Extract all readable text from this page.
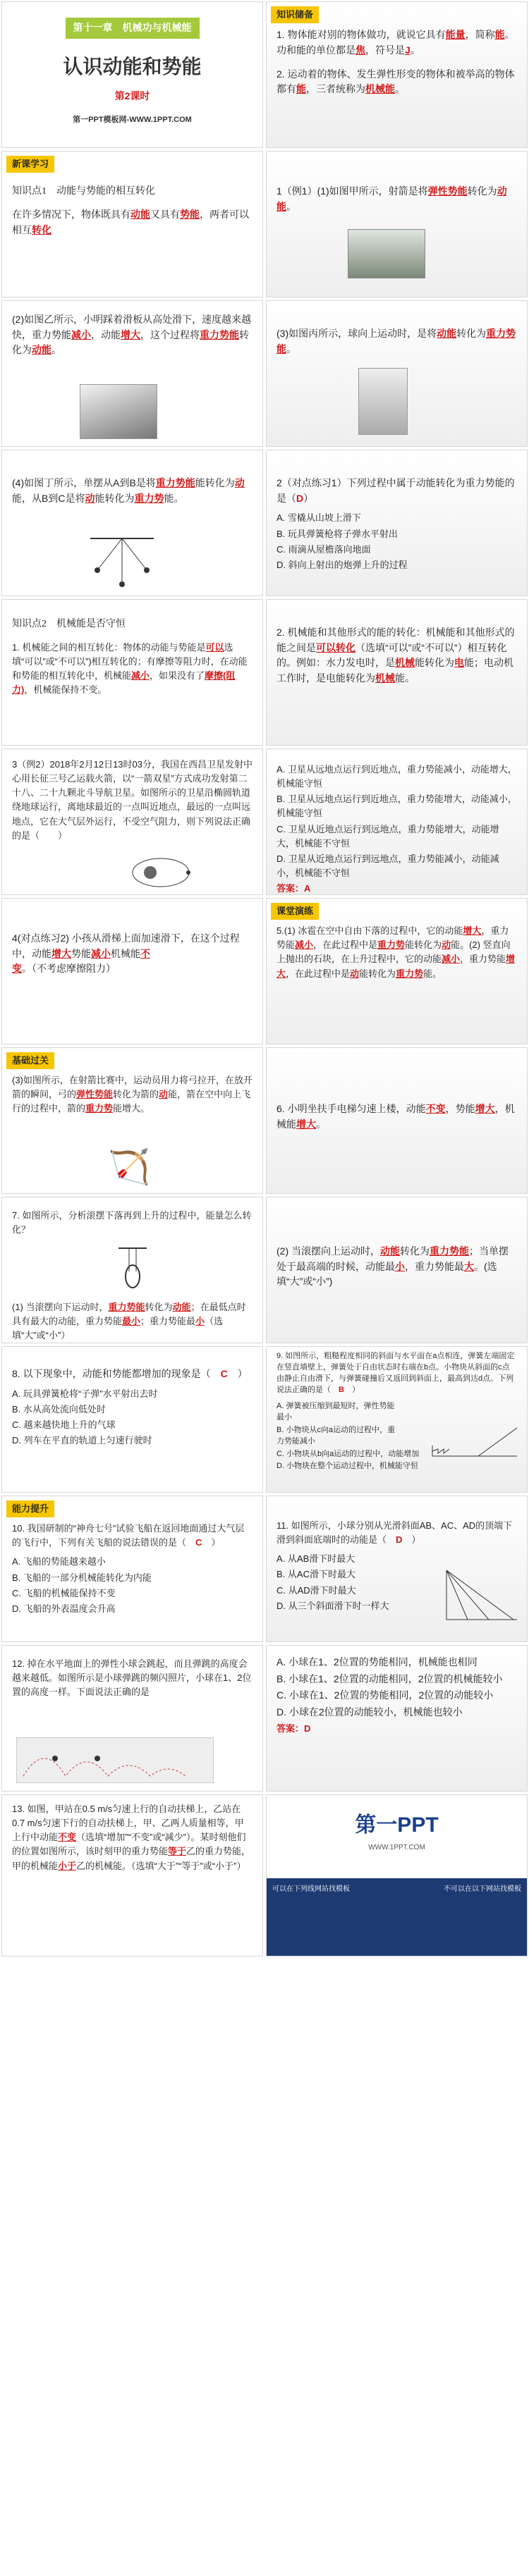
第十一章　机械功与机械能
认识动能和势能
第2课时
第一PPT模板网-WWW.1PPT.COM
知识储备
1. 物体能对别的物体做功，就说它具有能量，简称能。功和能的单位都是焦，符号是J。
2. 运动着的物体、发生弹性形变的物体和被举高的物体都有能，三者统称为机械能。
新课学习
知识点1　动能与势能的相互转化
在许多情况下，物体既具有动能又具有势能，两者可以相互转化
1（例1）(1)如图甲所示，射箭是将弹性势能转化为动能。
(2)如图乙所示，小明踩着滑板从高处滑下，速度越来越快，重力势能减小，动能增大，这个过程将重力势能转化为动能。
(3)如图丙所示，球向上运动时，是将动能转化为重力势能。
(4)如图丁所示，单摆从A到B是将重力势能能转化为动能，从B到C是将动能转化为重力势能。
2（对点练习1）下列过程中属于动能转化为重力势能的是（D）
A. 雪橇从山坡上滑下
B. 玩具弹簧枪将子弹水平射出
C. 雨滴从屋檐落向地面
D. 斜向上射出的炮弹上升的过程
知识点2　机械能是否守恒
1. 机械能之间的相互转化：物体的动能与势能是可以选填“可以”或“不可以”)相互转化的；有摩擦等阻力时，在动能和势能的相互转化中，机械能减小，如果没有了摩擦(阻力)，机械能保持不变。
2. 机械能和其他形式的能的转化：机械能和其他形式的能之间是可以转化（选填“可以”或“不可以”）相互转化的。例如：水力发电时，是机械能转化为电能；电动机工作时，是电能转化为机械能。
3（例2）2018年2月12日13时03分，我国在西昌卫星发射中心用长征三号乙运载火箭，以“一箭双星”方式成功发射第二十八、二十九颗北斗导航卫星。如图所示的卫星沿椭圆轨道绕地球运行，离地球最近的一点叫近地点，最远的一点叫远地点，它在大气层外运行，不受空气阻力，则下列说法正确的是（　　）
A. 卫星从远地点运行到近地点，重力势能减小，动能增大，机械能守恒
B. 卫星从远地点运行到近地点，重力势能增大，动能减小，机械能守恒
C. 卫星从近地点运行到远地点，重力势能增大，动能增大，机械能不守恒
D. 卫星从近地点运行到远地点，重力势能减小，动能减小，机械能不守恒
答案：A
4(对点练习2) 小孩从滑梯上面加速滑下，在这个过程中，动能增大势能减小机械能不变。（不考虑摩擦阻力）
课堂演练
5.(1) 冰雹在空中自由下落的过程中，它的动能增大，重力势能减小，在此过程中是重力势能转化为动能。(2) 竖直向上抛出的石块，在上升过程中，它的动能减小，重力势能增大，在此过程中是动能转化为重力势能。
基础过关
(3)如图所示，在射箭比赛中，运动员用力将弓拉开，在放开箭的瞬间，弓的弹性势能转化为箭的动能，箭在空中向上飞行的过程中，箭的重力势能增大。
🏹
6. 小明坐扶手电梯匀速上楼，动能不变，势能增大，机械能增大。
7. 如图所示，分析滚摆下落再到上升的过程中，能量怎么转化？
(1) 当滚摆向下运动时，重力势能转化为动能；在最低点时具有最大的动能，重力势能最小；重力势能最小（选填“大”或“小”）
(2) 当滚摆向上运动时，动能转化为重力势能；当单摆处于最高端的时候，动能最小，重力势能最大。(选填“大”或“小”)
8. 以下现象中，动能和势能都增加的现象是（　C　）
A. 玩具弹簧枪将“子弹”水平射出去时
B. 水从高处流向低处时
C. 越来越快地上升的气球
D. 列车在平直的轨道上匀速行驶时
9. 如图所示，粗糙程度相同的斜面与水平面在a点相连，弹簧左端固定在竖直墙壁上，弹簧处于自由状态时右端在b点。小物块从斜面的c点由静止自由滑下，与弹簧碰撞后又返回到斜面上，最高到达d点。下列说法正确的是（　B　）
A. 弹簧被压缩到最短时，弹性势能最小
B. 小物块从c向a运动的过程中，重力势能减小
C. 小物块从b向a运动的过程中，动能增加
D. 小物块在整个运动过程中，机械能守恒
能力提升
10. 我国研制的“神舟七号”试验飞船在返回地面通过大气层的飞行中，下列有关飞船的说法错误的是（　C　）
A. 飞船的势能越来越小
B. 飞船的一部分机械能转化为内能
C. 飞船的机械能保持不变
D. 飞船的外表温度会升高
11. 如图所示，小球分别从光滑斜面AB、AC、AD的顶端下滑到斜面底端时的动能是（　D　）
A. 从AB滑下时最大
B. 从AC滑下时最大
C. 从AD滑下时最大
D. 从三个斜面滑下时一样大
12. 掉在水平地面上的弹性小球会跳起，而且弹跳的高度会越来越低。如图所示是小球弹跳的频闪照片，小球在1、2位置的高度一样。下面说法正确的是
A. 小球在1、2位置的势能相同，机械能也相同
B. 小球在1、2位置的动能相同，2位置的机械能较小
C. 小球在1、2位置的势能相同，2位置的动能较小
D. 小球在2位置的动能较小，机械能也较小
答案：D
13. 如图，甲站在0.5 m/s匀速上行的自动扶梯上，乙站在0.7 m/s匀速下行的自动扶梯上，甲、乙两人质量相等，甲上行中动能不变（选填“增加”“不变”或“减少”）。某时刻他们的位置如图所示，该时刻甲的重力势能等于乙的重力势能，甲的机械能小于乙的机械能。（选填“大于”“等于”或“小于”）
第一PPT
WWW.1PPT.COM
可以在下列线网站找模板	不可以在以下网站找模板
